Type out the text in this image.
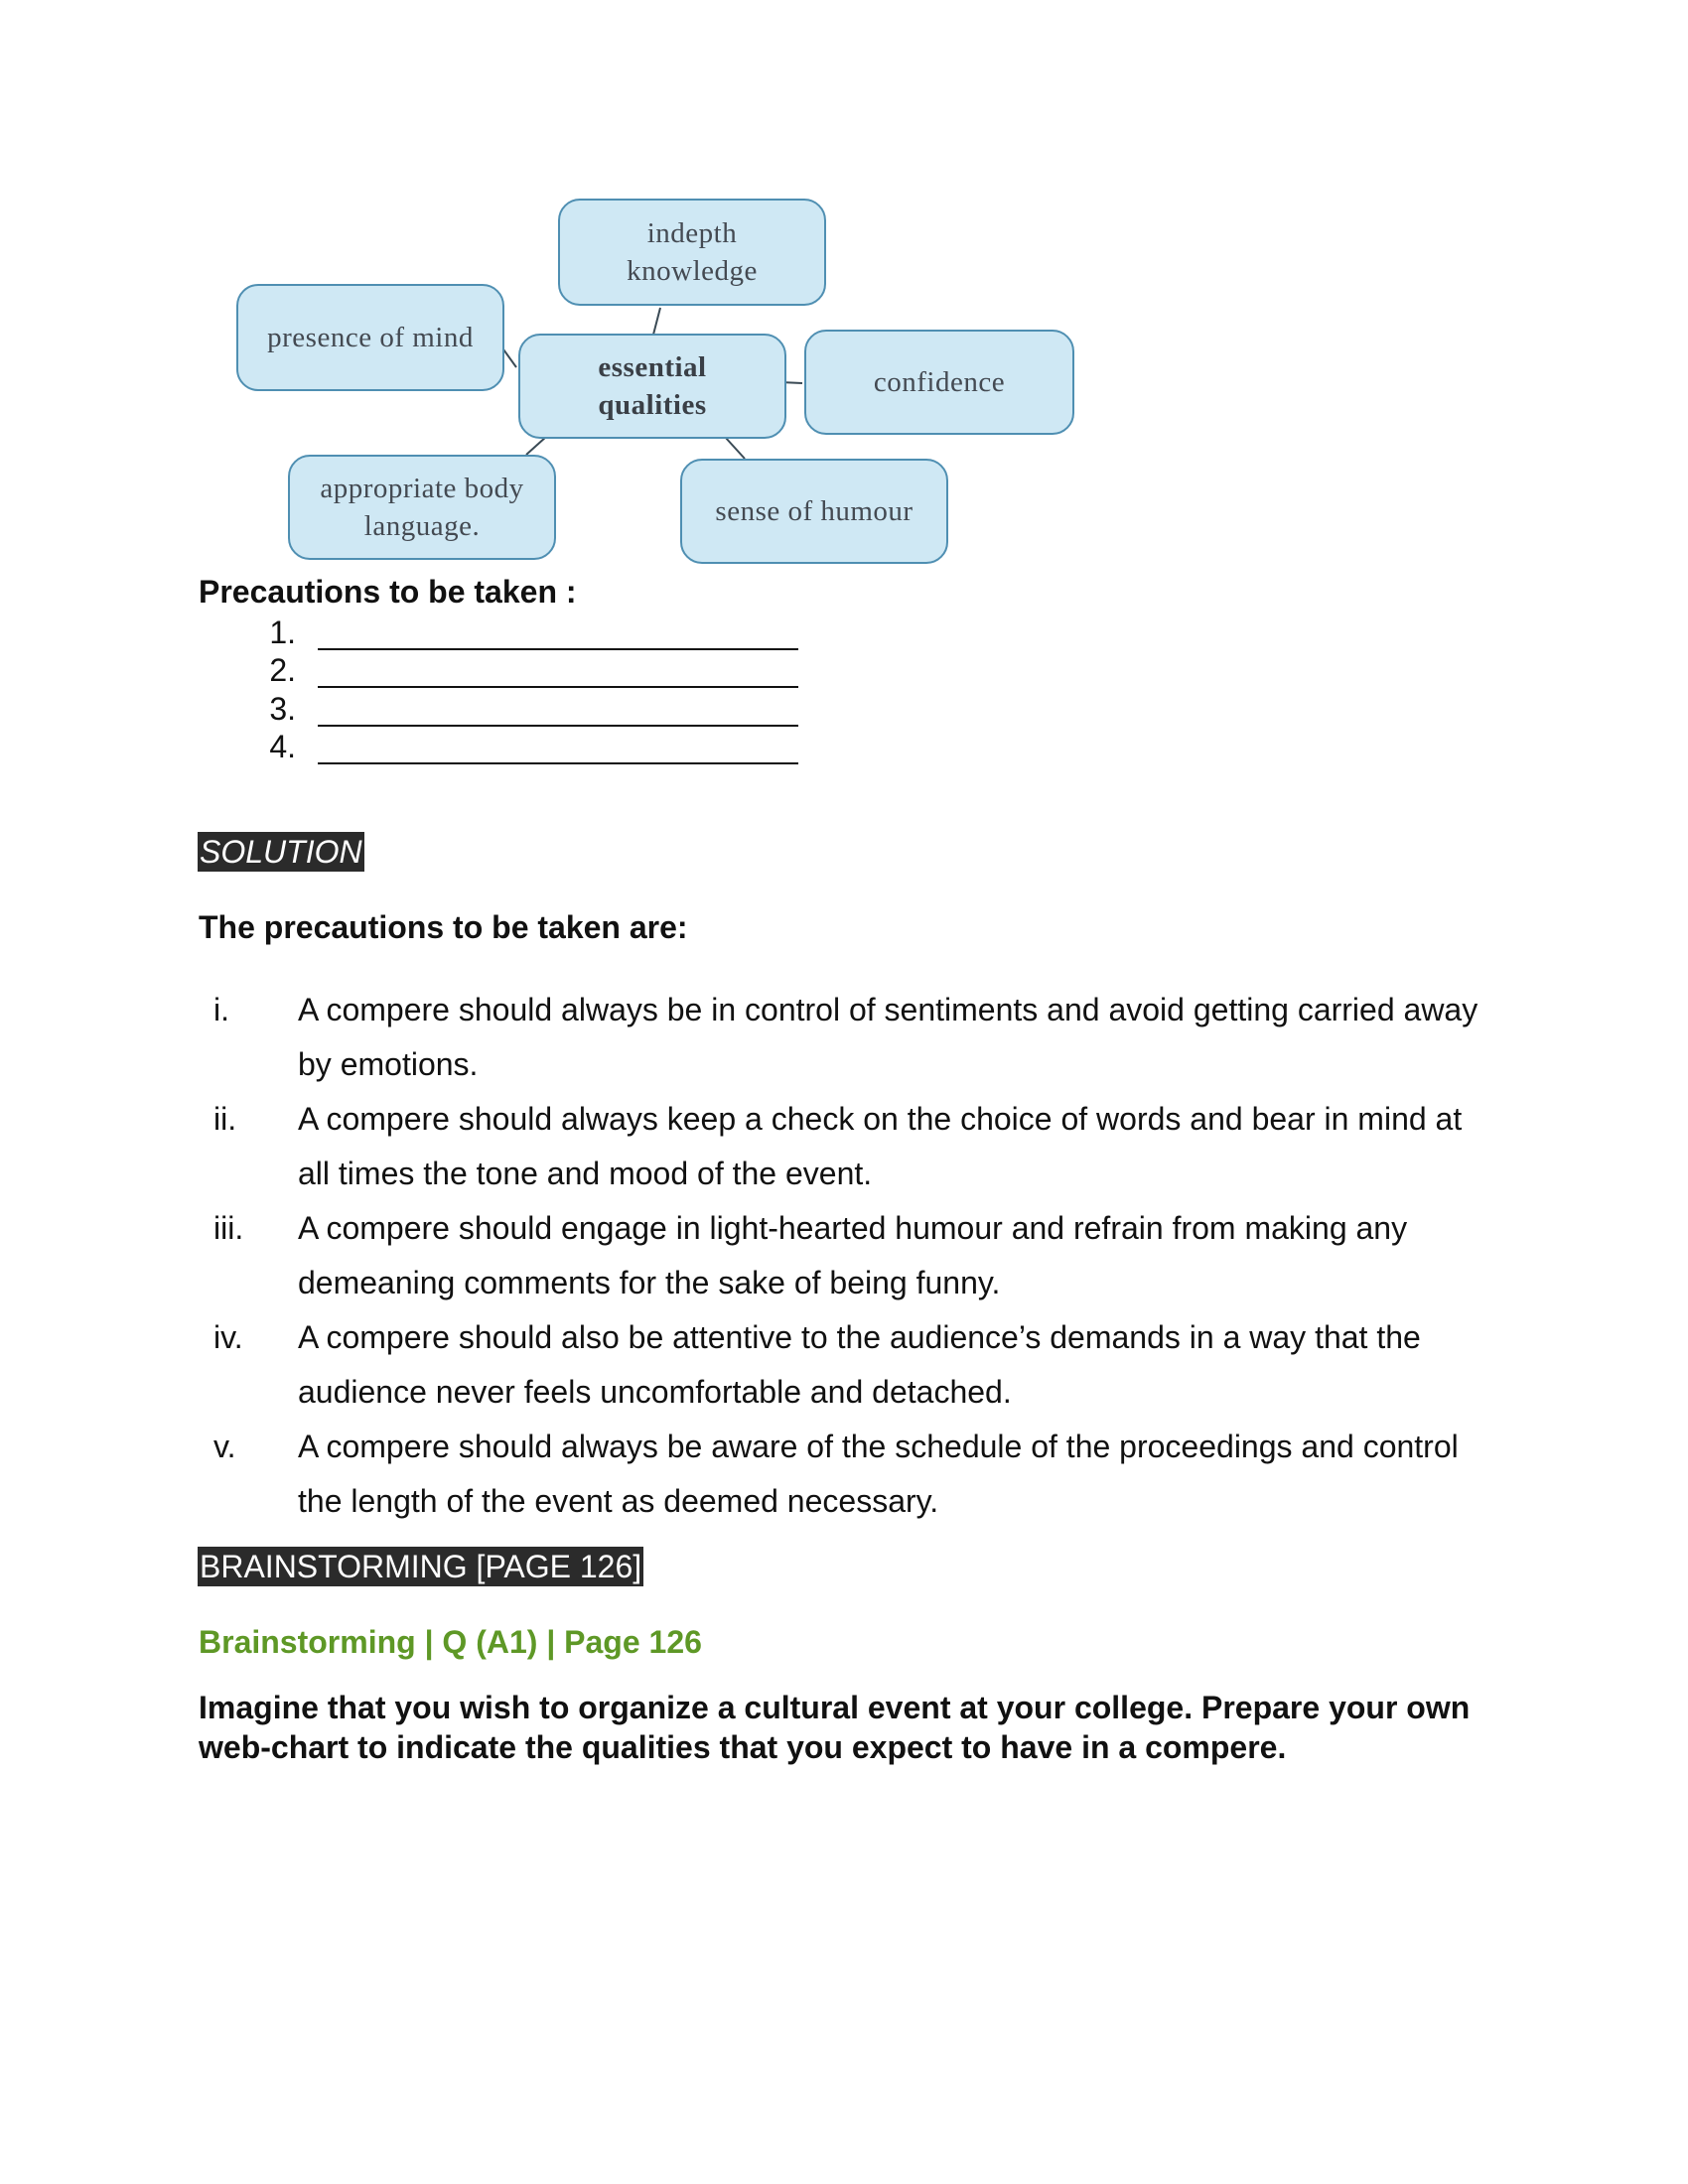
indepth knowledge
presence of mind
essential qualities
confidence
appropriate body language.	sense of humour
Precautions to be taken :
1.
2.
3.
4.
SOLUTION
The precautions to be taken are:
i.	A compere should always be in control of sentiments and avoid getting carried away by emotions.
ii.	A compere should always keep a check on the choice of words and bear in mind at all times the tone and mood of the event.
iii.	A compere should engage in light-hearted humour and refrain from making any demeaning comments for the sake of being funny.
iv.	A compere should also be attentive to the audience’s demands in a way that the audience never feels uncomfortable and detached.
v.	A compere should always be aware of the schedule of the proceedings and control the length of the event as deemed necessary.
BRAINSTORMING [PAGE 126]
Brainstorming | Q (A1) | Page 126
Imagine that you wish to organize a cultural event at your college. Prepare your own web-chart to indicate the qualities that you expect to have in a compere.
